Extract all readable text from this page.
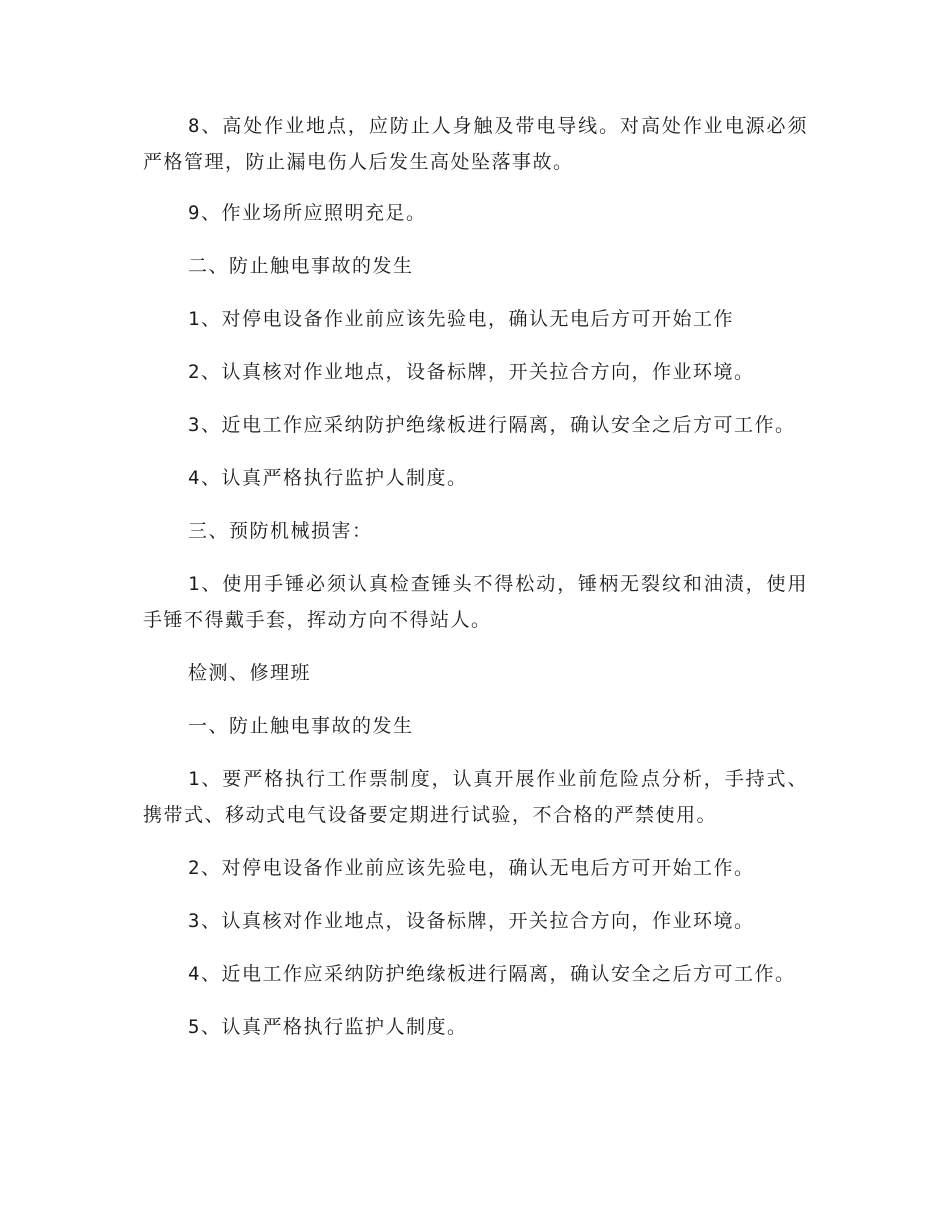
8、高处作业地点，应防止人身触及带电导线。对高处作业电源必须严格管理，防止漏电伤人后发生高处坠落事故。

9、作业场所应照明充足。

二、防止触电事故的发生

1、对停电设备作业前应该先验电，确认无电后方可开始工作

2、认真核对作业地点，设备标牌，开关拉合方向，作业环境。

3、近电工作应采纳防护绝缘板进行隔离，确认安全之后方可工作。

4、认真严格执行监护人制度。

三、预防机械损害：

1、使用手锤必须认真检查锤头不得松动，锤柄无裂纹和油渍，使用手锤不得戴手套，挥动方向不得站人。

检测、修理班

一、防止触电事故的发生

1、要严格执行工作票制度，认真开展作业前危险点分析，手持式、携带式、移动式电气设备要定期进行试验，不合格的严禁使用。

2、对停电设备作业前应该先验电，确认无电后方可开始工作。

3、认真核对作业地点，设备标牌，开关拉合方向，作业环境。

4、近电工作应采纳防护绝缘板进行隔离，确认安全之后方可工作。

5、认真严格执行监护人制度。
